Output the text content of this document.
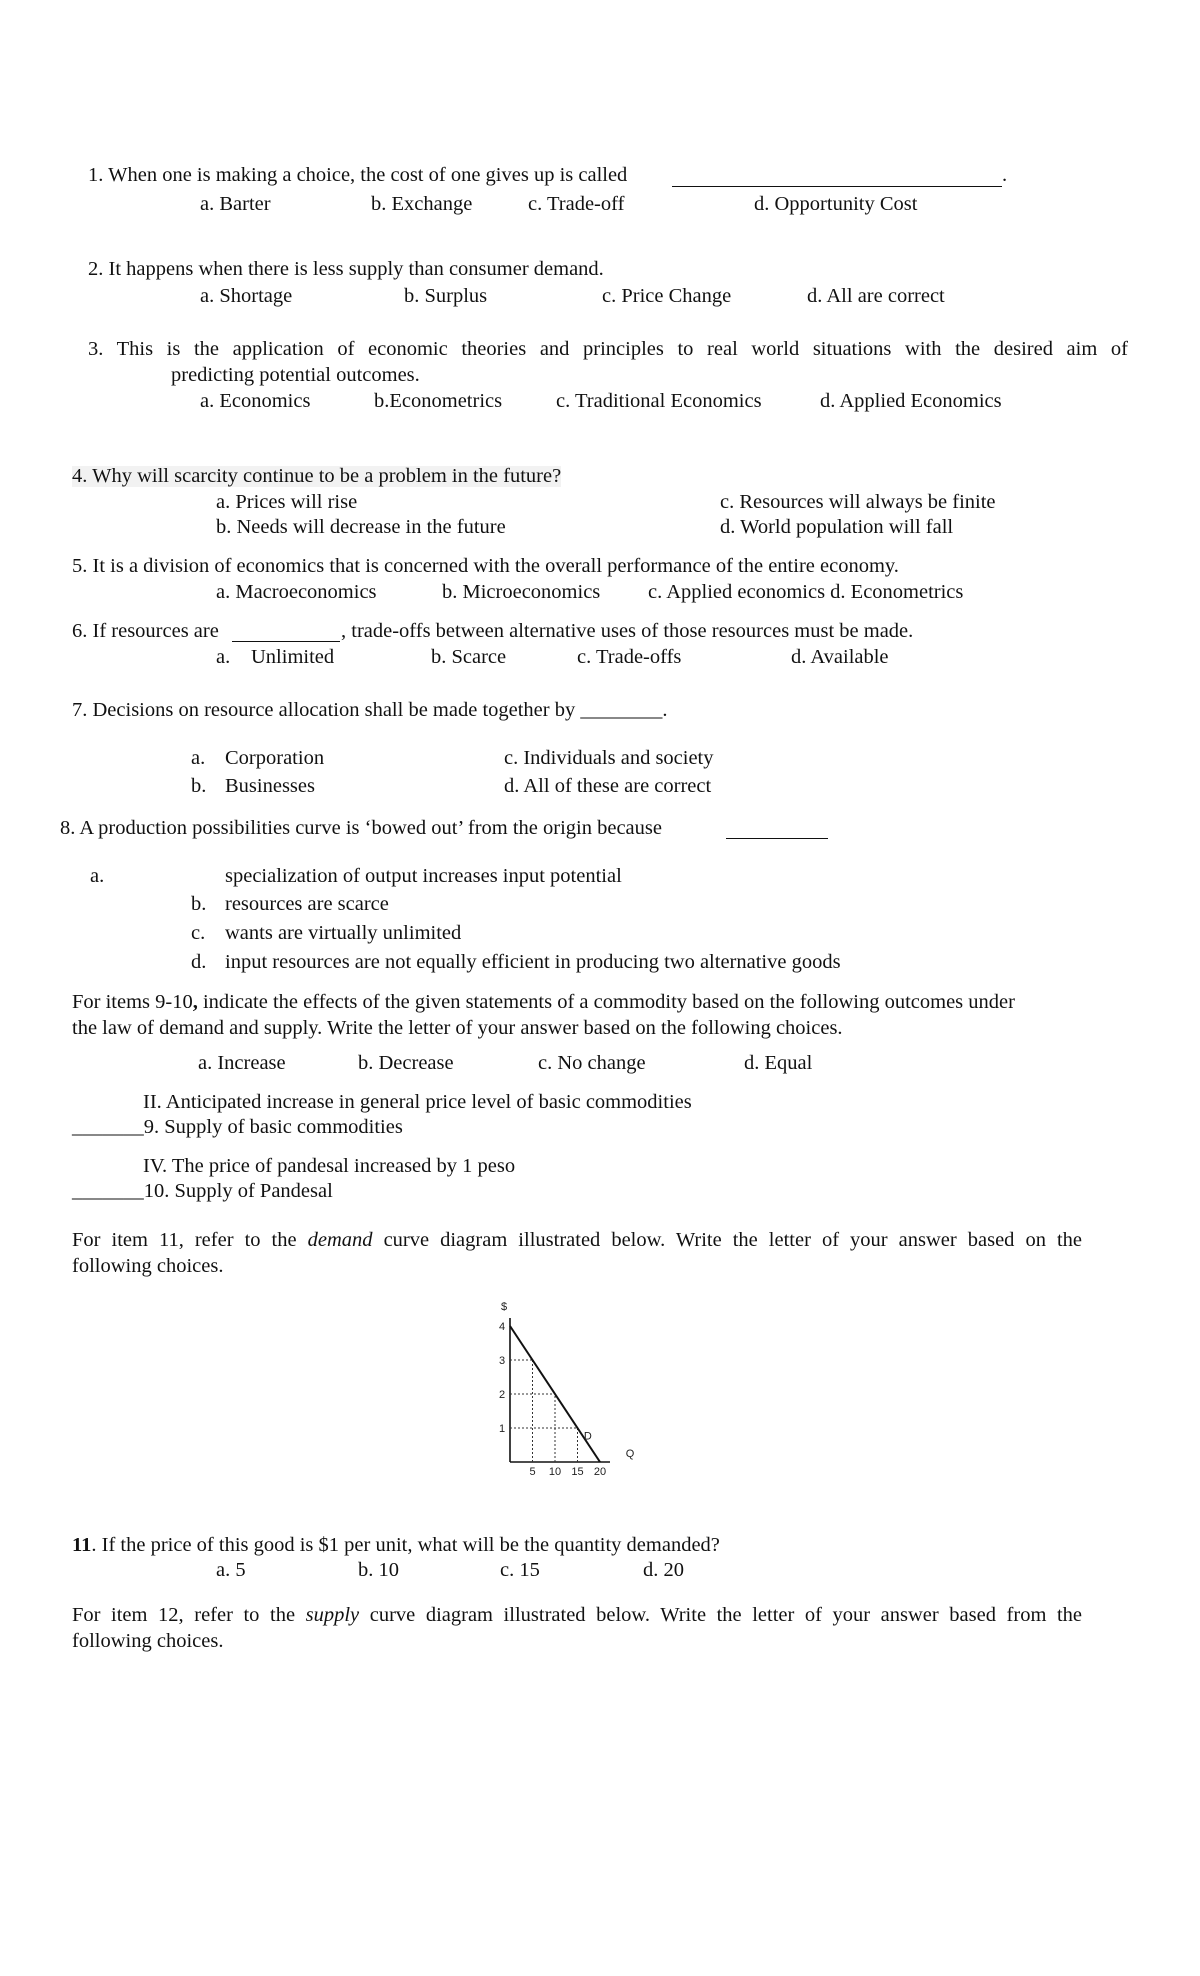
1. When one is making a choice, the cost of one gives up is called	.
a. Barter	b. Exchange	c. Trade-off	d. Opportunity Cost
2. It happens when there is less supply than consumer demand.
a. Shortage	b. Surplus	c. Price Change	d. All are correct
3. This is the application of economic theories and principles to real world situations with the desired aim of
predicting potential outcomes.
a. Economics	b.Econometrics	c. Traditional Economics	d. Applied Economics
4. Why will scarcity continue to be a problem in the future?
a. Prices will rise
b. Needs will decrease in the future
c. Resources will always be finite
d. World population will fall
5. It is a division of economics that is concerned with the overall performance of the entire economy.
a. Macroeconomics	b. Microeconomics c. Applied economics d. Econometrics
6. If resources are	, trade-offs between alternative uses of those resources must be made.
a. Unlimited	b. Scarce	c. Trade-offs	d. Available
7. Decisions on resource allocation shall be made together by ________.
a. Corporation
b. Businesses
c. Individuals and society
d. All of these are correct
8. A production possibilities curve is ‘bowed out’ from the origin because
a.
b.
c.
d.
specialization of output increases input potential
resources are scarce
wants are virtually unlimited
input resources are not equally efficient in producing two alternative goods
For items 9-10, indicate the effects of the given statements of a commodity based on the following outcomes under
the law of demand and supply. Write the letter of your answer based on the following choices.
a. Increase	b. Decrease	c. No change	d. Equal
II. Anticipated increase in general price level of basic commodities
_______9. Supply of basic commodities
IV. The price of pandesal increased by 1 peso
_______10. Supply of Pandesal
For item 11, refer to the demand curve diagram illustrated below. Write the letter of your answer based on the
following choices.
$
Q
1
2
3
4
5 10 15 20
D
11. If the price of this good is $1 per unit, what will be the quantity demanded?
a. 5	b. 10	c. 15	d. 20
For item 12, refer to the supply curve diagram illustrated below. Write the letter of your answer based from the
following choices.
